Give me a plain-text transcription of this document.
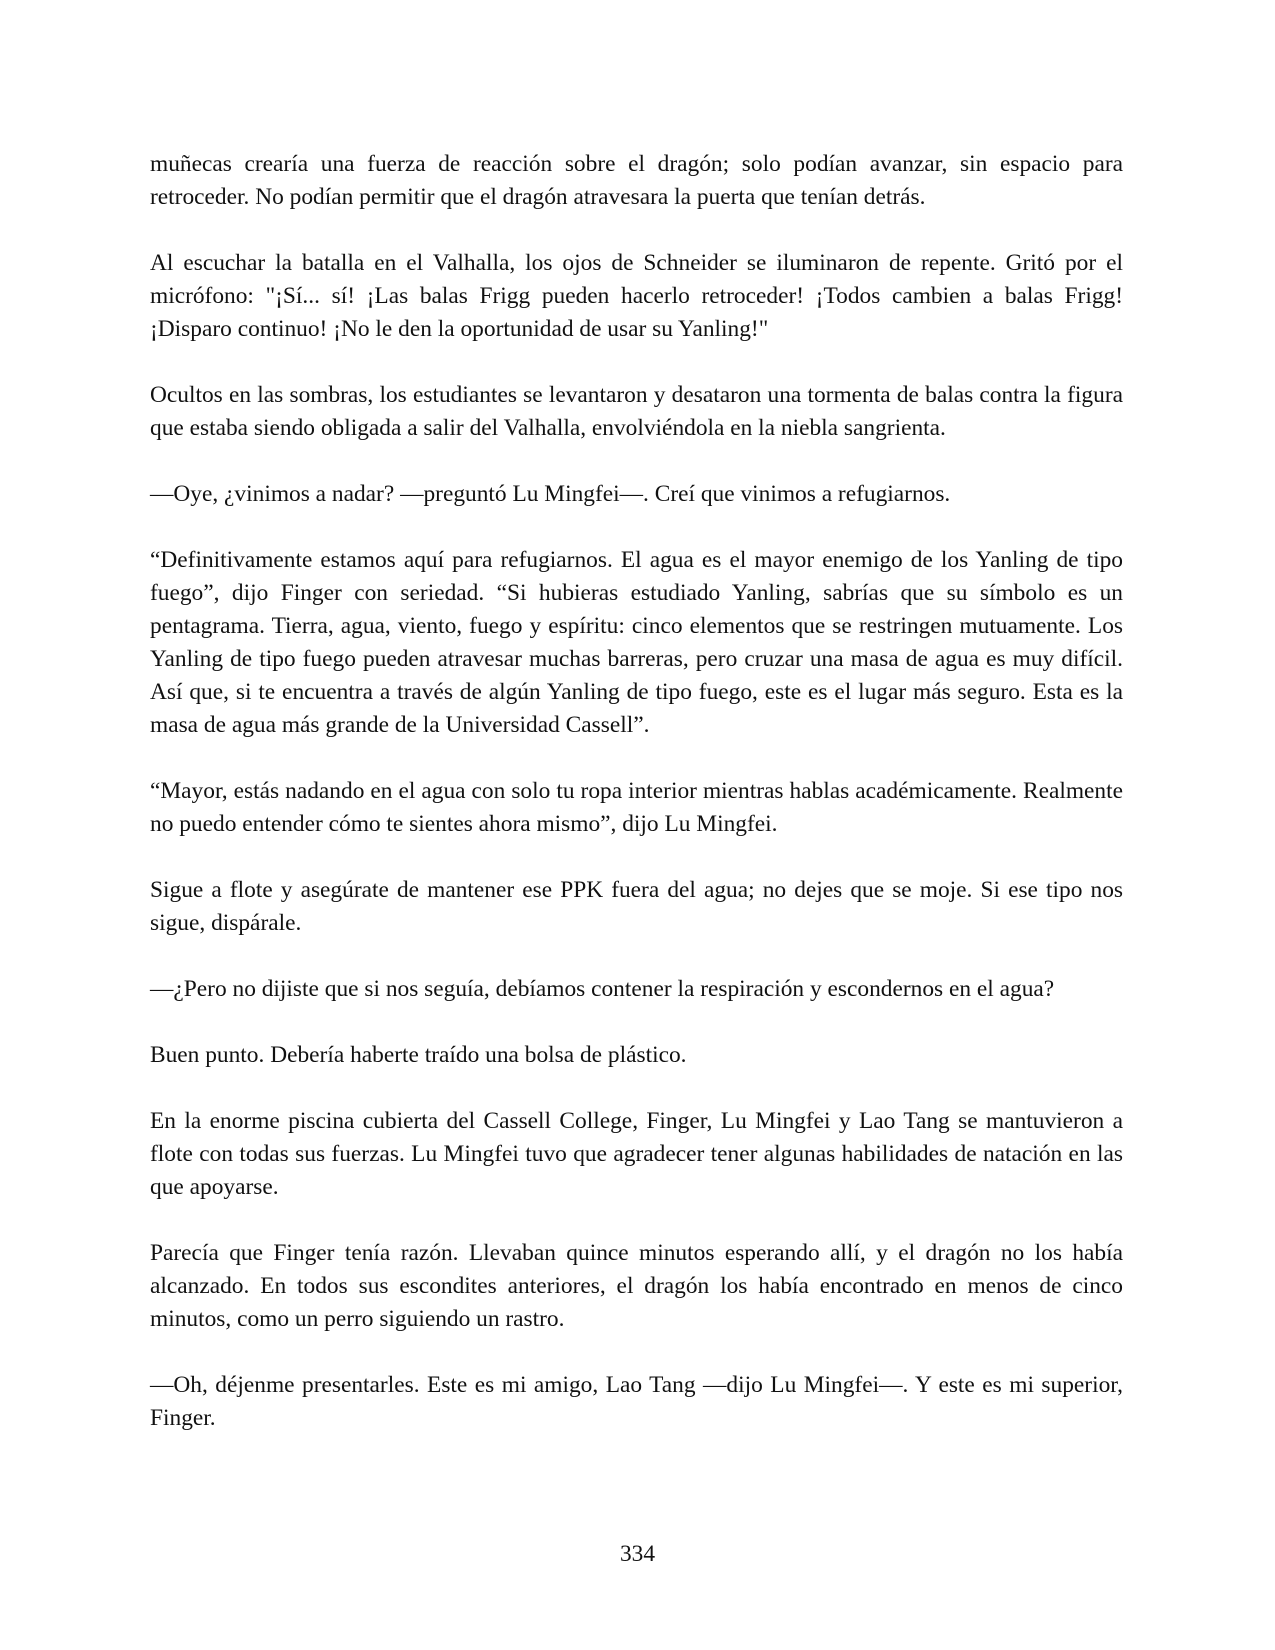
muñecas crearía una fuerza de reacción sobre el dragón; solo podían avanzar, sin espacio para retroceder. No podían permitir que el dragón atravesara la puerta que tenían detrás.

Al escuchar la batalla en el Valhalla, los ojos de Schneider se iluminaron de repente. Gritó por el micrófono: "¡Sí... sí! ¡Las balas Frigg pueden hacerlo retroceder! ¡Todos cambien a balas Frigg! ¡Disparo continuo! ¡No le den la oportunidad de usar su Yanling!"

Ocultos en las sombras, los estudiantes se levantaron y desataron una tormenta de balas contra la figura que estaba siendo obligada a salir del Valhalla, envolviéndola en la niebla sangrienta.

—Oye, ¿vinimos a nadar? —preguntó Lu Mingfei—. Creí que vinimos a refugiarnos.

“Definitivamente estamos aquí para refugiarnos. El agua es el mayor enemigo de los Yanling de tipo fuego”, dijo Finger con seriedad. “Si hubieras estudiado Yanling, sabrías que su símbolo es un pentagrama. Tierra, agua, viento, fuego y espíritu: cinco elementos que se restringen mutuamente. Los Yanling de tipo fuego pueden atravesar muchas barreras, pero cruzar una masa de agua es muy difícil. Así que, si te encuentra a través de algún Yanling de tipo fuego, este es el lugar más seguro. Esta es la masa de agua más grande de la Universidad Cassell”.

“Mayor, estás nadando en el agua con solo tu ropa interior mientras hablas académicamente. Realmente no puedo entender cómo te sientes ahora mismo”, dijo Lu Mingfei.

Sigue a flote y asegúrate de mantener ese PPK fuera del agua; no dejes que se moje. Si ese tipo nos sigue, dispárale.

—¿Pero no dijiste que si nos seguía, debíamos contener la respiración y escondernos en el agua?

Buen punto. Debería haberte traído una bolsa de plástico.

En la enorme piscina cubierta del Cassell College, Finger, Lu Mingfei y Lao Tang se mantuvieron a flote con todas sus fuerzas. Lu Mingfei tuvo que agradecer tener algunas habilidades de natación en las que apoyarse.

Parecía que Finger tenía razón. Llevaban quince minutos esperando allí, y el dragón no los había alcanzado. En todos sus escondites anteriores, el dragón los había encontrado en menos de cinco minutos, como un perro siguiendo un rastro.

—Oh, déjenme presentarles. Este es mi amigo, Lao Tang —dijo Lu Mingfei—. Y este es mi superior, Finger.

334
